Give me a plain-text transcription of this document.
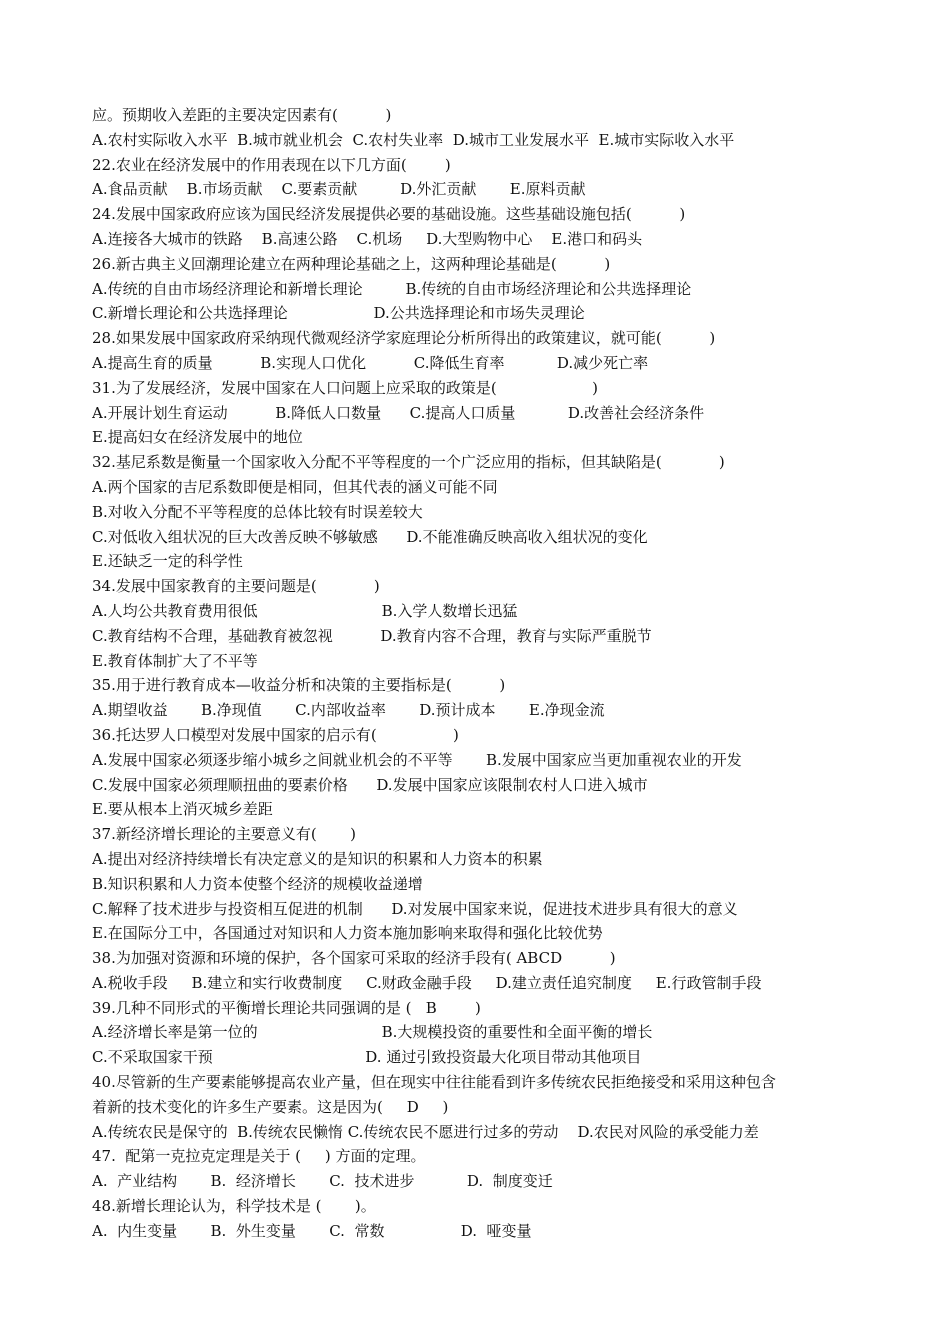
应。预期收入差距的主要决定因素有(          )
A.农村实际收入水平  B.城市就业机会  C.农村失业率  D.城市工业发展水平  E.城市实际收入水平
22.农业在经济发展中的作用表现在以下几方面(        )
A.食品贡献    B.市场贡献    C.要素贡献         D.外汇贡献       E.原料贡献
24.发展中国家政府应该为国民经济发展提供必要的基础设施。这些基础设施包括(          )
A.连接各大城市的铁路    B.高速公路    C.机场     D.大型购物中心    E.港口和码头
26.新古典主义回潮理论建立在两种理论基础之上，这两种理论基础是(          )
A.传统的自由市场经济理论和新增长理论         B.传统的自由市场经济理论和公共选择理论
C.新增长理论和公共选择理论                  D.公共选择理论和市场失灵理论
28.如果发展中国家政府采纳现代微观经济学家庭理论分析所得出的政策建议，就可能(          )
A.提高生育的质量          B.实现人口优化          C.降低生育率           D.减少死亡率
31.为了发展经济，发展中国家在人口问题上应采取的政策是(                    )
A.开展计划生育运动          B.降低人口数量      C.提高人口质量           D.改善社会经济条件
E.提高妇女在经济发展中的地位
32.基尼系数是衡量一个国家收入分配不平等程度的一个广泛应用的指标，但其缺陷是(            )
A.两个国家的吉尼系数即便是相同，但其代表的涵义可能不同
B.对收入分配不平等程度的总体比较有时误差较大
C.对低收入组状况的巨大改善反映不够敏感      D.不能准确反映高收入组状况的变化
E.还缺乏一定的科学性
34.发展中国家教育的主要问题是(            )
A.人均公共教育费用很低                          B.入学人数增长迅猛
C.教育结构不合理，基础教育被忽视          D.教育内容不合理，教育与实际严重脱节
E.教育体制扩大了不平等
35.用于进行教育成本—收益分析和决策的主要指标是(          )
A.期望收益       B.净现值       C.内部收益率       D.预计成本       E.净现金流
36.托达罗人口模型对发展中国家的启示有(                )
A.发展中国家必须逐步缩小城乡之间就业机会的不平等       B.发展中国家应当更加重视农业的开发
C.发展中国家必须理顺扭曲的要素价格      D.发展中国家应该限制农村人口进入城市
E.要从根本上消灭城乡差距
37.新经济增长理论的主要意义有(       )
A.提出对经济持续增长有决定意义的是知识的积累和人力资本的积累
B.知识积累和人力资本使整个经济的规模收益递增
C.解释了技术进步与投资相互促进的机制      D.对发展中国家来说，促进技术进步具有很大的意义
E.在国际分工中，各国通过对知识和人力资本施加影响来取得和强化比较优势
38.为加强对资源和环境的保护，各个国家可采取的经济手段有( ABCD          )
A.税收手段     B.建立和实行收费制度     C.财政金融手段     D.建立责任追究制度     E.行政管制手段
39.几种不同形式的平衡增长理论共同强调的是 (   B        )
A.经济增长率是第一位的                          B.大规模投资的重要性和全面平衡的增长
C.不采取国家干预                                D. 通过引致投资最大化项目带动其他项目
40.尽管新的生产要素能够提高农业产量，但在现实中往往能看到许多传统农民拒绝接受和采用这种包含
着新的技术变化的许多生产要素。这是因为(     D     )
A.传统农民是保守的  B.传统农民懒惰 C.传统农民不愿进行过多的劳动    D.农民对风险的承受能力差
47.  配第一克拉克定理是关于 (     ) 方面的定理。
A.  产业结构       B.  经济增长       C.  技术进步           D.  制度变迁
48.新增长理论认为，科学技术是 (       )。
A.  内生变量       B.  外生变量       C.  常数                D.  哑变量
